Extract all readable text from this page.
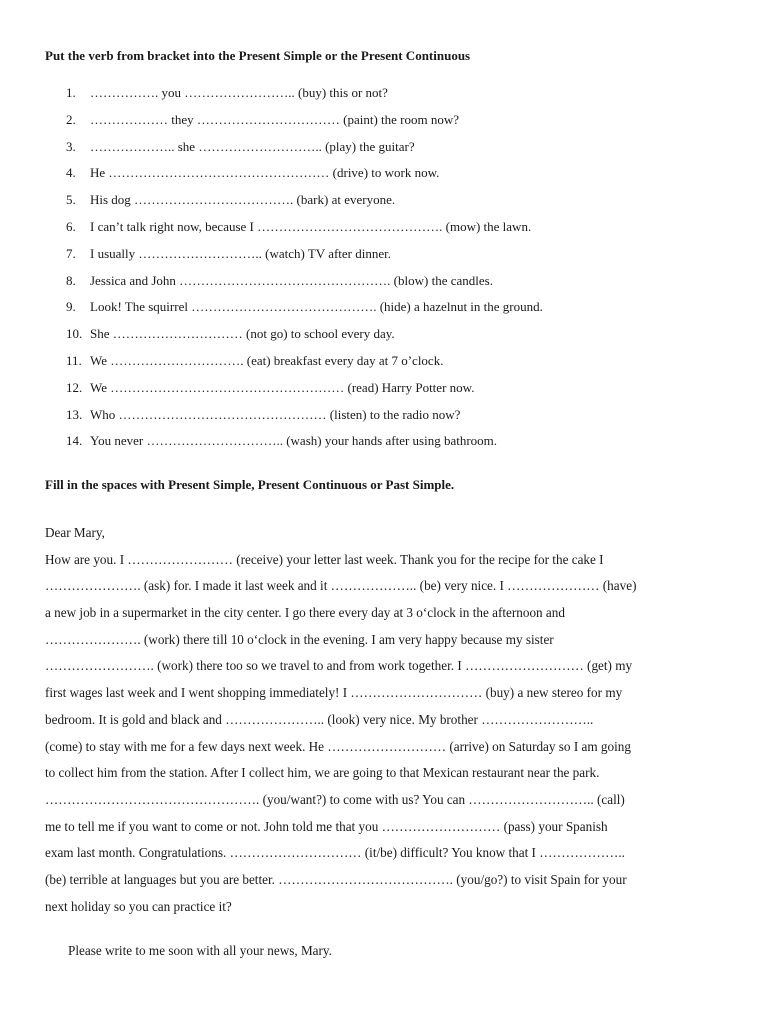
Put the verb from bracket into the Present Simple or the Present Continuous
1. ……………. you …………………….. (buy) this or not?
2. ……………… they …………………………… (paint) the room now?
3. ……………….. she ……………………….. (play) the guitar?
4. He …………………………………………… (drive) to work now.
5. His dog ………………………………. (bark) at everyone.
6. I can’t talk right now, because I ……………………………………. (mow) the lawn.
7. I usually ……………………….. (watch) TV after dinner.
8. Jessica and John …………………………………………. (blow) the candles.
9. Look! The squirrel ……………………………………. (hide) a hazelnut in the ground.
10. She ………………………… (not go) to school every day.
11. We …………………………. (eat) breakfast every day at 7 o’clock.
12. We ……………………………………………… (read) Harry Potter now.
13. Who ………………………………………… (listen) to the radio now?
14. You never ………………………….. (wash) your hands after using bathroom.
Fill in the spaces with Present Simple, Present Continuous or Past Simple.
Dear Mary,
How are you. I …………………… (receive) your letter last week. Thank you for the recipe for the cake I
…………………. (ask) for. I made it last week and it ……………….. (be) very nice. I ………………… (have)
a new job in a supermarket in the city center. I go there every day at 3 o‘clock in the afternoon and
…………………. (work) there till 10 o‘clock in the evening. I am very happy because my sister
……………………. (work) there too so we travel to and from work together. I ……………………… (get) my
first wages last week and I went shopping immediately! I ………………………… (buy) a new stereo for my
bedroom. It is gold and black and ………………….. (look) very nice. My brother ……………………..
(come) to stay with me for a few days next week. He ……………………… (arrive) on Saturday so I am going
to collect him from the station. After I collect him, we are going to that Mexican restaurant near the park.
…………………………………………. (you/want?) to come with us? You can ……………………….. (call)
me to tell me if you want to come or not. John told me that you ……………………… (pass) your Spanish
exam last month. Congratulations. ………………………… (it/be) difficult? You know that I ………………..
(be) terrible at languages but you are better. …………………………………. (you/go?) to visit Spain for your
next holiday so you can practice it?
Please write to me soon with all your news, Mary.
